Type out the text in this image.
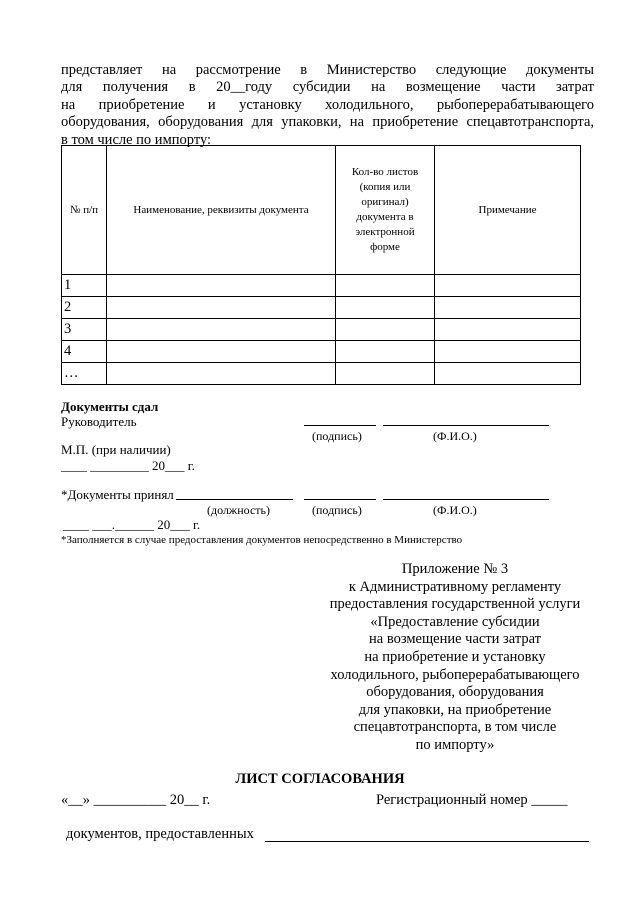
представляет на рассмотрение в Министерство следующие документы
для получения в 20__году субсидии на возмещение части затрат
на приобретение и установку холодильного, рыбоперерабатывающего
оборудования, оборудования для упаковки, на приобретение спецавтотранспорта,
в том числе по импорту:
№ п/п	Наименование, реквизиты документа	Кол-во листов (копия или оригинал) документа в электронной форме	Примечание
1			
2			
3			
4			
…			
Документы сдал
Руководитель
(подпись)	(Ф.И.О.)
М.П. (при наличии)
____ _________ 20___ г.
*Документы принял
(должность)	(подпись)	(Ф.И.О.)
____ ___.______ 20___ г.
*Заполняется в случае предоставления документов непосредственно в Министерство
Приложение № 3
к Административному регламенту
предоставления государственной услуги
«Предоставление субсидии
на возмещение части затрат
на приобретение и установку
холодильного, рыбоперерабатывающего
оборудования, оборудования
для упаковки, на приобретение
спецавтотранспорта, в том числе
по импорту»
ЛИСТ СОГЛАСОВАНИЯ
«__» __________ 20__ г.	Регистрационный номер _____
документов, предоставленных
